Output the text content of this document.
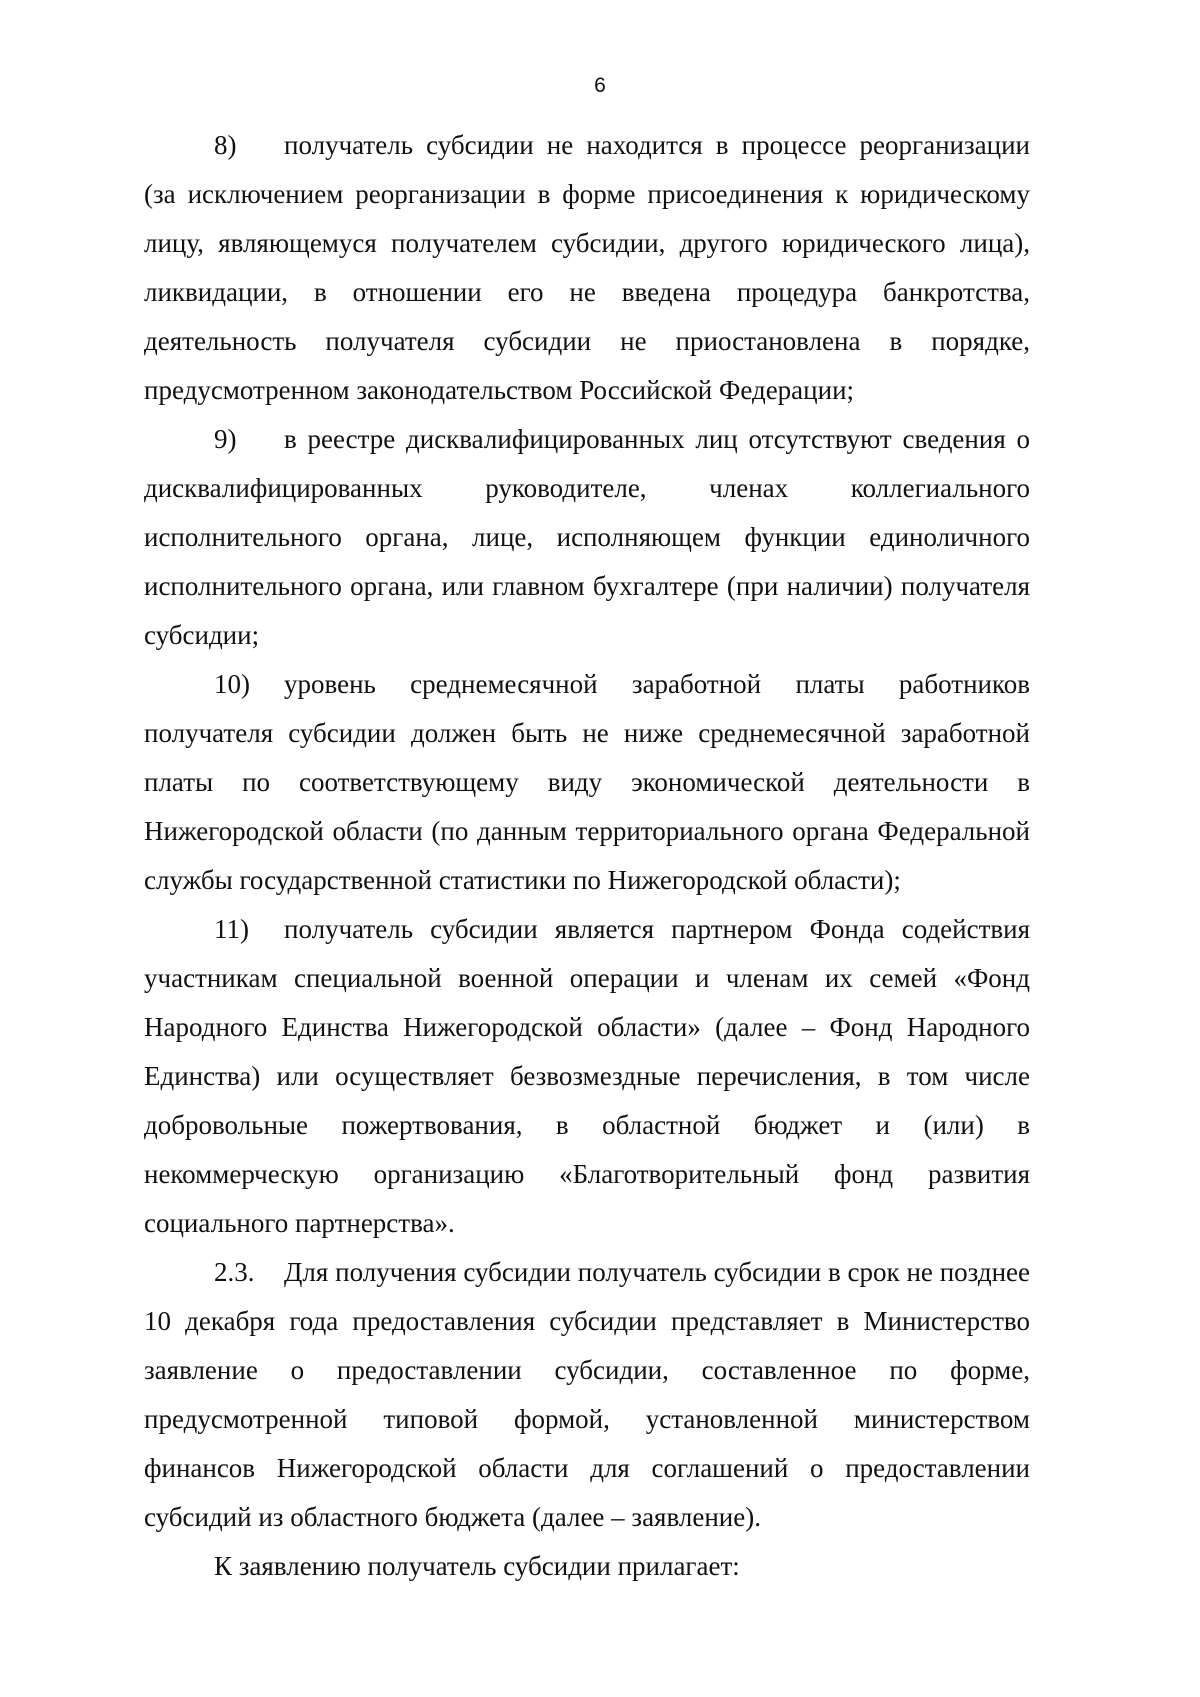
6

8) получатель субсидии не находится в процессе реорганизации (за исключением реорганизации в форме присоединения к юридическому лицу, являющемуся получателем субсидии, другого юридического лица), ликвидации, в отношении его не введена процедура банкротства, деятельность получателя субсидии не приостановлена в порядке, предусмотренном законодательством Российской Федерации;

9) в реестре дисквалифицированных лиц отсутствуют сведения о дисквалифицированных руководителе, членах коллегиального исполнительного органа, лице, исполняющем функции единоличного исполнительного органа, или главном бухгалтере (при наличии) получателя субсидии;

10) уровень среднемесячной заработной платы работников получателя субсидии должен быть не ниже среднемесячной заработной платы по соответствующему виду экономической деятельности в Нижегородской области (по данным территориального органа Федеральной службы государственной статистики по Нижегородской области);

11) получатель субсидии является партнером Фонда содействия участникам специальной военной операции и членам их семей «Фонд Народного Единства Нижегородской области» (далее – Фонд Народного Единства) или осуществляет безвозмездные перечисления, в том числе добровольные пожертвования, в областной бюджет и (или) в некоммерческую организацию «Благотворительный фонд развития социального партнерства».

2.3. Для получения субсидии получатель субсидии в срок не позднее 10 декабря года предоставления субсидии представляет в Министерство заявление о предоставлении субсидии, составленное по форме, предусмотренной типовой формой, установленной министерством финансов Нижегородской области для соглашений о предоставлении субсидий из областного бюджета (далее – заявление).

К заявлению получатель субсидии прилагает:
